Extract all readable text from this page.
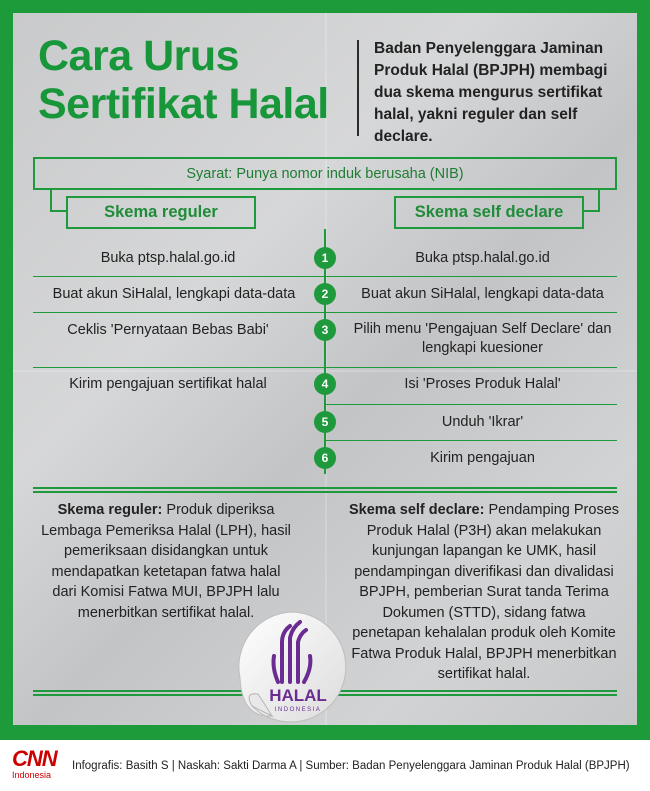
Cara Urus Sertifikat Halal

Badan Penyelenggara Jaminan Produk Halal (BPJPH) membagi dua skema mengurus sertifikat halal, yakni reguler dan self declare.

Syarat: Punya nomor induk berusaha (NIB)
Skema reguler	Skema self declare
1
2
3
4
5
6
Buka ptsp.halal.go.id
Buat akun SiHalal, lengkapi data-data
Ceklis 'Pernyataan Bebas Babi'
Kirim pengajuan sertifikat halal
Buka ptsp.halal.go.id
Buat akun SiHalal, lengkapi data-data
Pilih menu 'Pengajuan Self Declare' dan lengkapi kuesioner
Isi 'Proses Produk Halal'
Unduh 'Ikrar'
Kirim pengajuan
Skema reguler: Produk diperiksa Lembaga Pemeriksa Halal (LPH), hasil pemeriksaan disidangkan untuk mendapatkan ketetapan fatwa halal dari Komisi Fatwa MUI, BPJPH lalu menerbitkan sertifikat halal.
Skema self declare: Pendamping Proses Produk Halal (P3H) akan melakukan kunjungan lapangan ke UMK, hasil pendampingan diverifikasi dan divalidasi BPJPH, pemberian Surat tanda Terima Dokumen (STTD), sidang fatwa penetapan kehalalan produk oleh Komite Fatwa Produk Halal, BPJPH menerbitkan sertifikat halal.
HALAL
INDONESIA
CNN
Indonesia
Infografis: Basith S | Naskah: Sakti Darma A | Sumber: Badan Penyelenggara Jaminan Produk Halal (BPJPH)
